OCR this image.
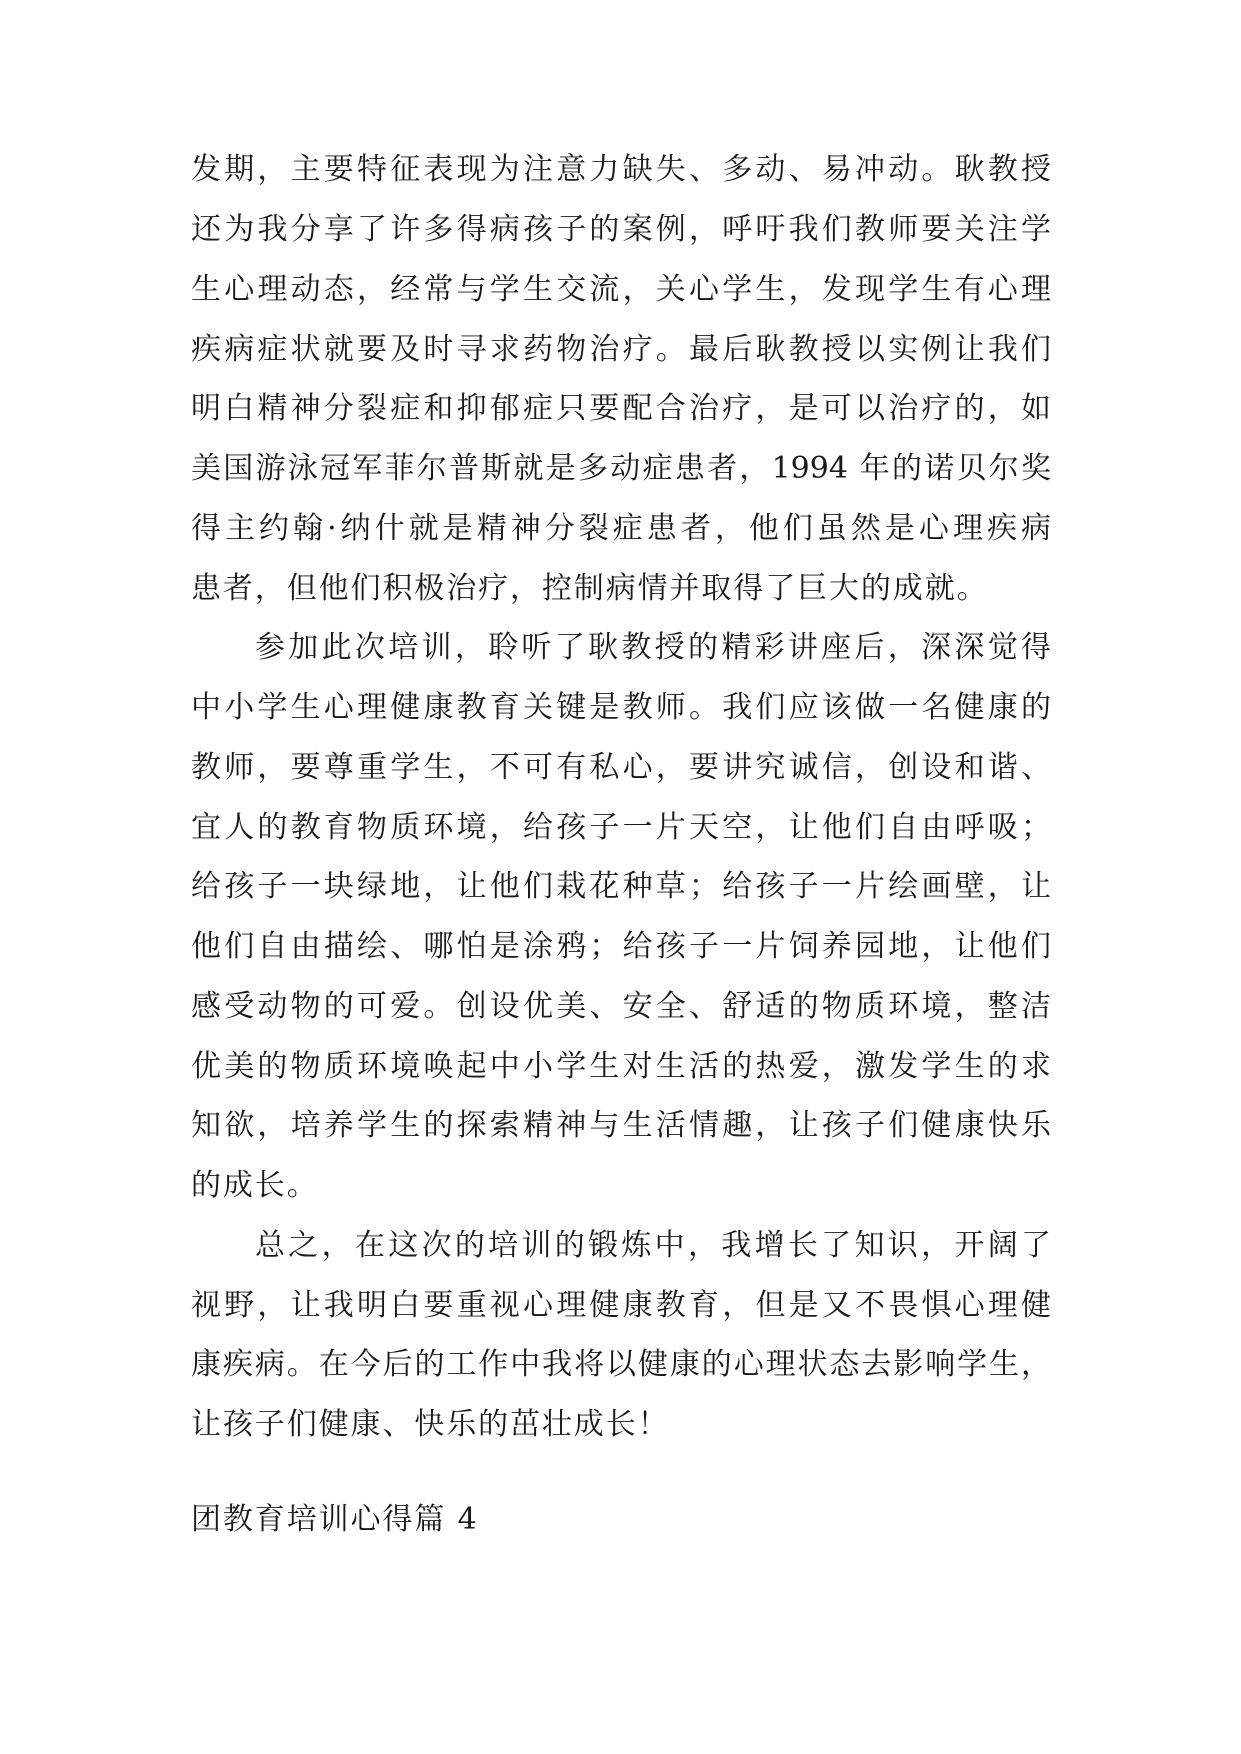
发期，主要特征表现为注意力缺失、多动、易冲动。耿教授
还为我分享了许多得病孩子的案例，呼吁我们教师要关注学
生心理动态，经常与学生交流，关心学生，发现学生有心理
疾病症状就要及时寻求药物治疗。最后耿教授以实例让我们
明白精神分裂症和抑郁症只要配合治疗，是可以治疗的，如
美国游泳冠军菲尔普斯就是多动症患者，1994 年的诺贝尔奖
得主约翰·纳什就是精神分裂症患者，他们虽然是心理疾病
患者，但他们积极治疗，控制病情并取得了巨大的成就。
参加此次培训，聆听了耿教授的精彩讲座后，深深觉得
中小学生心理健康教育关键是教师。我们应该做一名健康的
教师，要尊重学生，不可有私心，要讲究诚信，创设和谐、
宜人的教育物质环境，给孩子一片天空，让他们自由呼吸；
给孩子一块绿地，让他们栽花种草；给孩子一片绘画壁，让
他们自由描绘、哪怕是涂鸦；给孩子一片饲养园地，让他们
感受动物的可爱。创设优美、安全、舒适的物质环境，整洁
优美的物质环境唤起中小学生对生活的热爱，激发学生的求
知欲，培养学生的探索精神与生活情趣，让孩子们健康快乐
的成长。
总之，在这次的培训的锻炼中，我增长了知识，开阔了
视野，让我明白要重视心理健康教育，但是又不畏惧心理健
康疾病。在今后的工作中我将以健康的心理状态去影响学生，
让孩子们健康、快乐的茁壮成长！
团教育培训心得篇 4
